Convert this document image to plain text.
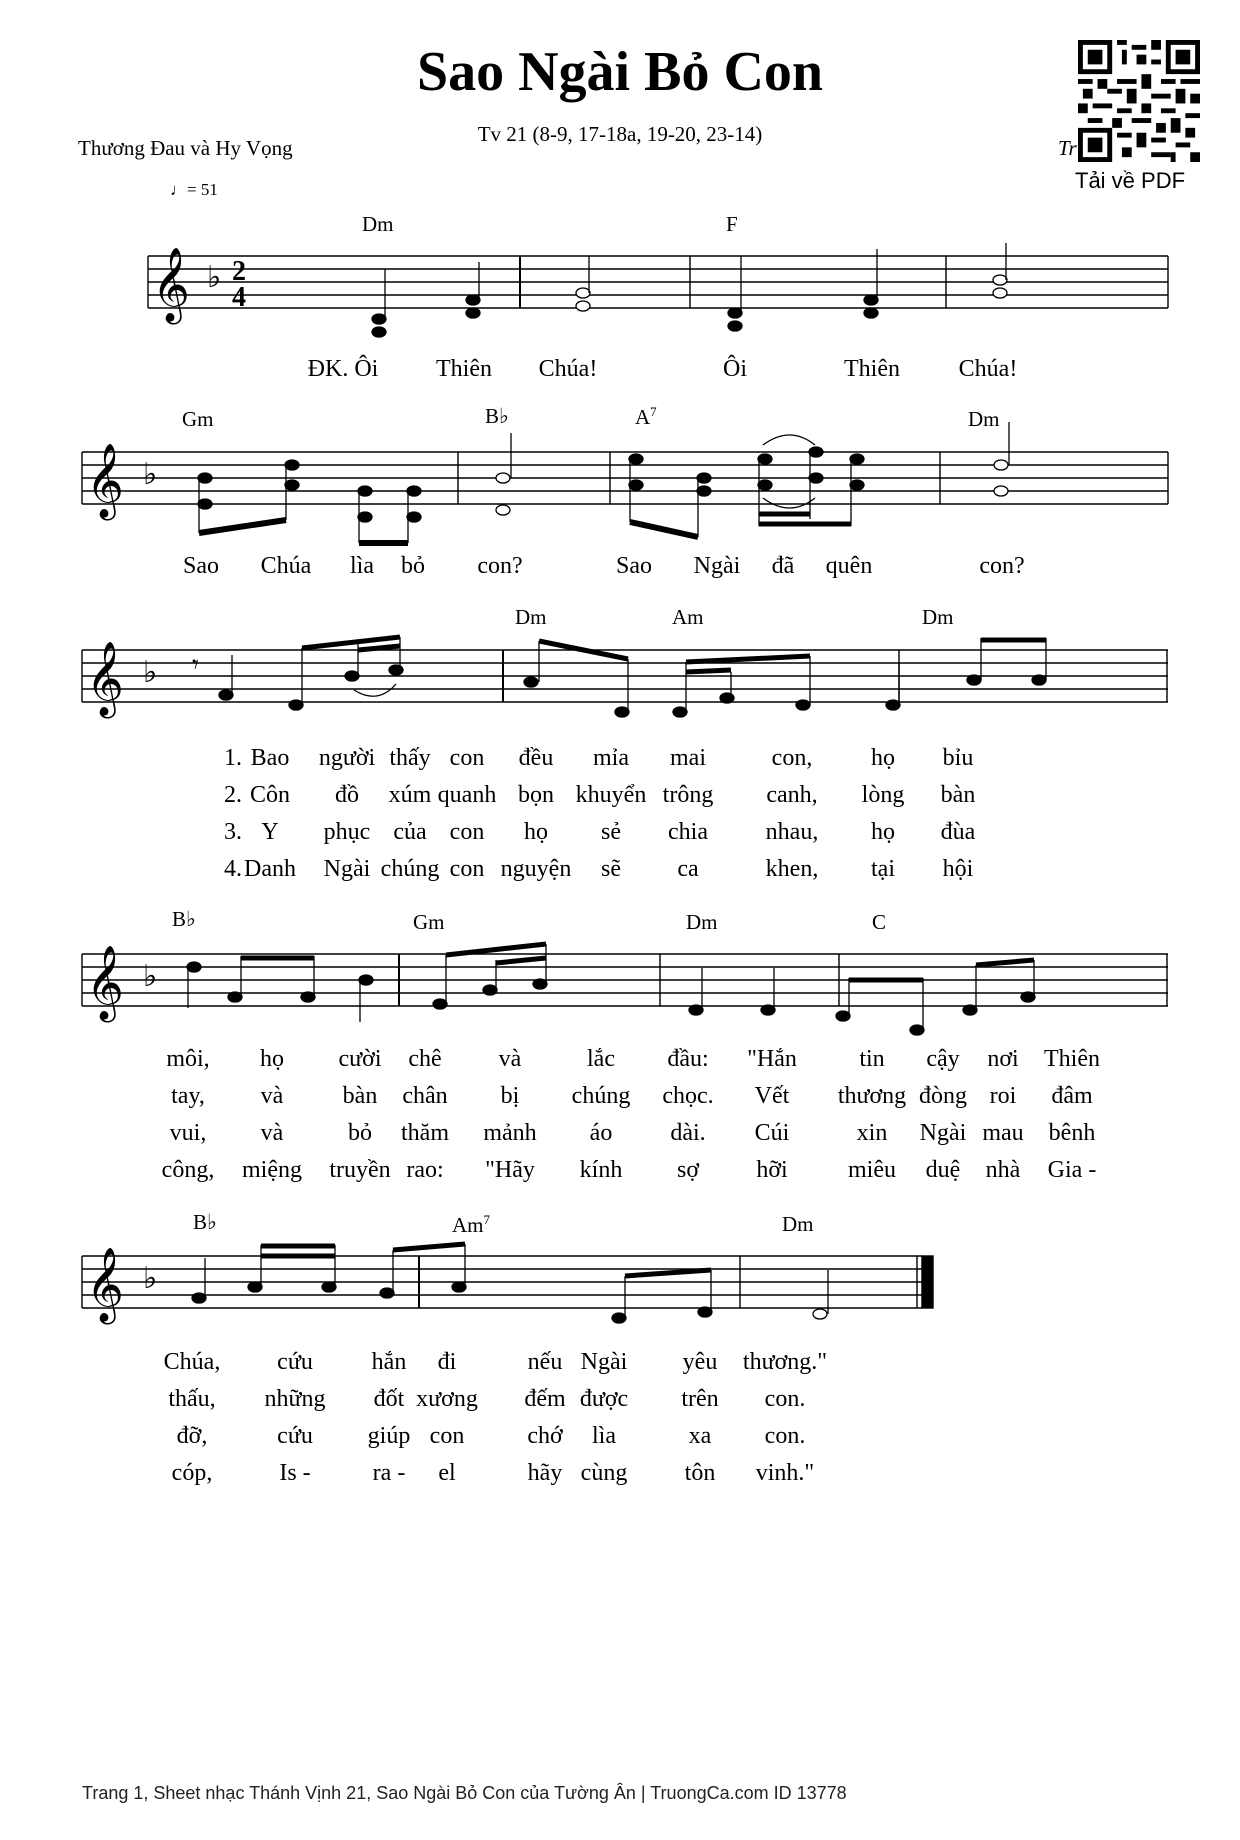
Sao Ngài Bỏ Con
Tv 21 (8-9, 17-18a, 19-20, 23-14)
Thương Đau và Hy Vọng	Tr
♩= 51	Tải về PDF
𝄞
𝄞
𝄞
𝄞
𝄞
♭
♭
♭
♭
♭
2
4
𝄾
Dm	F
ĐK. Ôi Thiên Chúa!	Ôi	Thiên Chúa!
Gm	B♭	$A^7$	Dm
Sao Chúa lìa bỏ con?	Sao Ngài đã quên	con?
Dm	Am	Dm
1. Bao người thấy con đều mỉa mai	con, họ bỉu
2. Côn đồ xúm quanh bọn khuyển trông canh, lòng bàn
3. Y phục của con họ sẻ chia nhau, họ đùa
4. Danh Ngài chúng con nguyện sẽ ca	khen, tại hội
B♭	Gm	Dm	C
môi, họ cười chê và	lắc đầu: "Hắn	tin cậy nơi Thiên
tay, và bàn chân bị chúng chọc. Vết thương đòng roi đâm
vui, và	bỏ thăm mảnh áo dài. Cúi	xin Ngài mau bênh
công, miệng truyền rao: "Hãy kính sợ hỡi	miêu duệ nhà Gia -
B♭	Am$^7$	Dm
Chúa, cứu hắn đi	nếu Ngài yêu thương."
thấu, những đốt xương đếm được trên con.
đỡ,	cứu giúp con	chớ lìa	xa con.
cóp,	Is -	ra - el	hãy cùng tôn vinh."
Trang 1, Sheet nhạc Thánh Vịnh 21, Sao Ngài Bỏ Con của Tường Ân | TruongCa.com ID 13778
